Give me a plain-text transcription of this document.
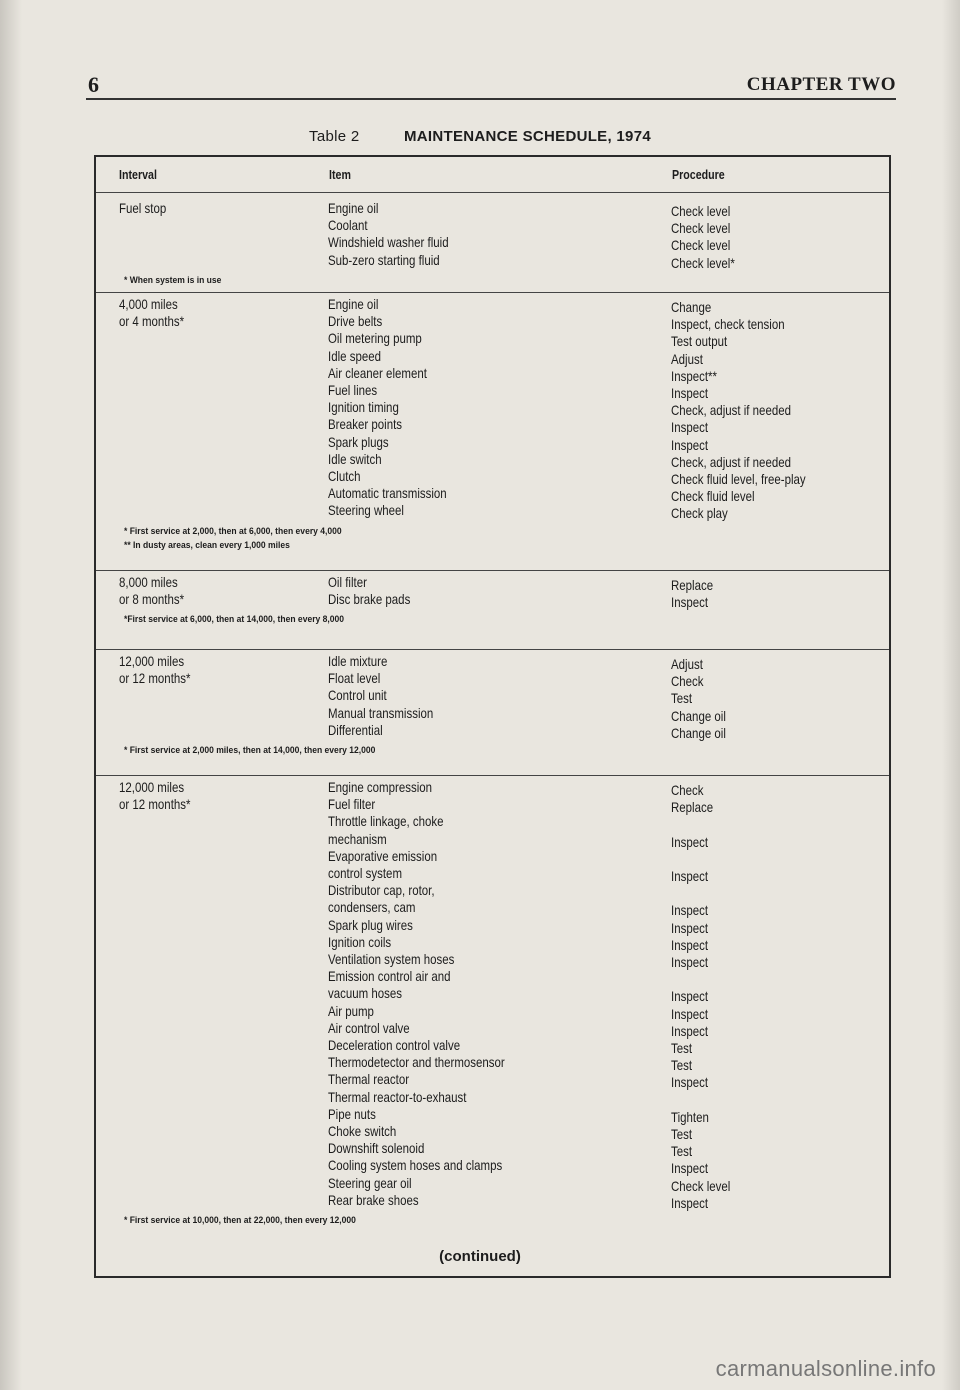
6	CHAPTER TWO
Table 2	MAINTENANCE SCHEDULE, 1974
Interval	Item	Procedure
Fuel stop	Engine oil	Check level
Coolant	Check level
Windshield washer fluid	Check level
Sub-zero starting fluid	Check level*
* When system is in use
4,000 miles
or 4 months*
Engine oil	Change
Drive belts	Inspect, check tension
Oil metering pump	Test output
Idle speed	Adjust
Air cleaner element	Inspect**
Fuel lines	Inspect
Ignition timing	Check, adjust if needed
Breaker points	Inspect
Spark plugs	Inspect
Idle switch	Check, adjust if needed
Clutch	Check fluid level, free-play
Automatic transmission	Check fluid level
Steering wheel	Check play
* First service at 2,000, then at 6,000, then every 4,000
** In dusty areas, clean every 1,000 miles
8,000 miles
or 8 months*
Oil filter	Replace
Disc brake pads	Inspect
*First service at 6,000, then at 14,000, then every 8,000
12,000 miles
or 12 months*
Idle mixture	Adjust
Float level	Check
Control unit	Test
Manual transmission	Change oil
Differential	Change oil
* First service at 2,000 miles, then at 14,000, then every 12,000
12,000 miles
or 12 months*
Engine compression	Check
Fuel filter	Replace
Throttle linkage, choke
mechanism	Inspect
Evaporative emission
control system	Inspect
Distributor cap, rotor,
condensers, cam	Inspect
Spark plug wires	Inspect
Ignition coils	Inspect
Ventilation system hoses	Inspect
Emission control air and
vacuum hoses	Inspect
Air pump	Inspect
Air control valve	Inspect
Deceleration control valve	Test
Thermodetector and thermosensor	Test
Thermal reactor	Inspect
Thermal reactor-to-exhaust
Pipe nuts	Tighten
Choke switch	Test
Downshift solenoid	Test
Cooling system hoses and clamps	Inspect
Steering gear oil	Check level
Rear brake shoes	Inspect
* First service at 10,000, then at 22,000, then every 12,000
(continued)
carmanualsonline.info
